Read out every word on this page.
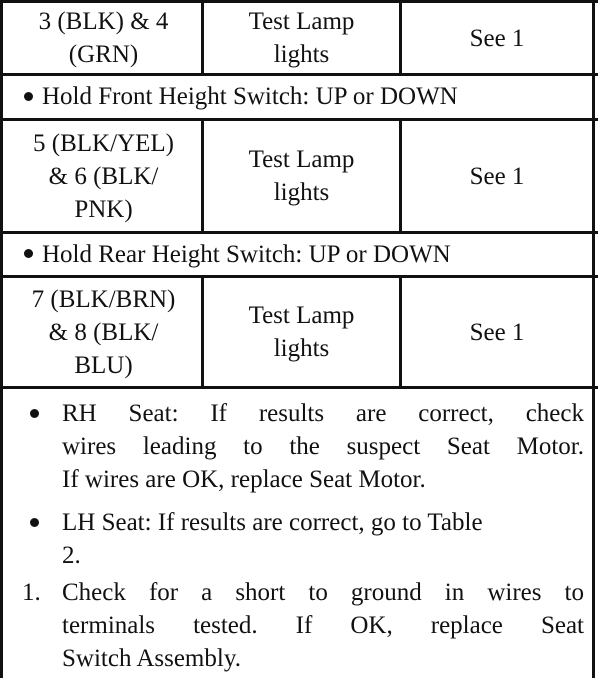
3 (BLK) & 4
(GRN)
Test Lamp
lights
See 1
Hold Front Height Switch: UP or DOWN
5 (BLK/YEL)
& 6 (BLK/
PNK)
Test Lamp
lights
See 1
Hold Rear Height Switch: UP or DOWN
7 (BLK/BRN)
& 8 (BLK/
BLU)
Test Lamp
lights
See 1
RH Seat: If results are correct, check
wires leading to the suspect Seat Motor.
If wires are OK, replace Seat Motor.
LH Seat: If results are correct, go to Table
2.
1. Check for a short to ground in wires to
terminals tested. If OK, replace Seat
Switch Assembly.
